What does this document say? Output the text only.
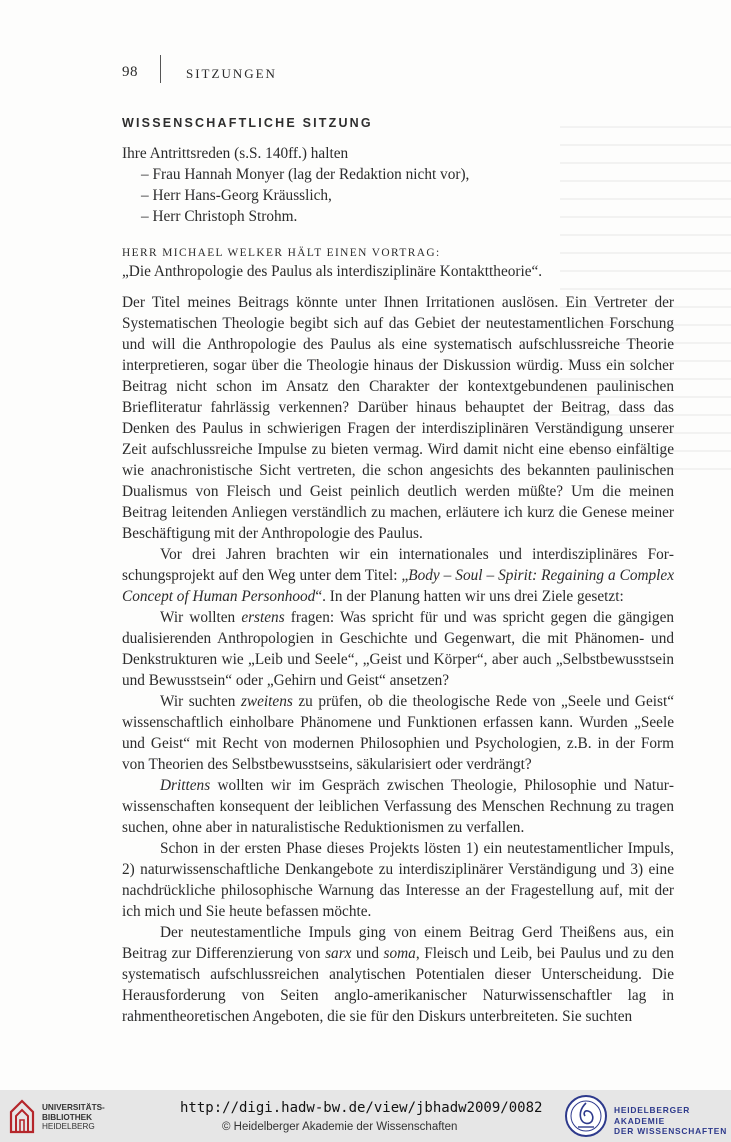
98	SITZUNGEN
WISSENSCHAFTLICHE SITZUNG
Ihre Antrittsreden (s.S. 140ff.) halten
– Frau Hannah Monyer (lag der Redaktion nicht vor),
– Herr Hans-Georg Kräusslich,
– Herr Christoph Strohm.
HERR MICHAEL WELKER HÄLT EINEN VORTRAG:
„Die Anthropologie des Paulus als interdisziplinäre Kontakttheorie“.

Der Titel meines Beitrags könnte unter Ihnen Irritationen auslösen. Ein Vertreter der Systematischen Theologie begibt sich auf das Gebiet der neutestamentlichen Forschung und will die Anthropologie des Paulus als eine systematisch aufschlussreiche Theorie interpretieren, sogar über die Theologie hinaus der Diskussion würdig. Muss ein solcher Beitrag nicht schon im Ansatz den Charakter der kontextgebundenen paulinischen Briefliteratur fahrlässig verkennen? Darüber hinaus behauptet der Beitrag, dass das Denken des Paulus in schwierigen Fragen der interdisziplinären Verständigung unserer Zeit aufschlussreiche Impulse zu bieten vermag. Wird damit nicht eine ebenso einfältige wie anachronistische Sicht vertreten, die schon angesichts des bekannten paulinischen Dualismus von Fleisch und Geist peinlich deutlich werden müßte? Um die meinen Beitrag leitenden Anliegen verständlich zu machen, erläutere ich kurz die Genese meiner Beschäftigung mit der Anthropologie des Paulus.

Vor drei Jahren brachten wir ein internationales und interdisziplinäres Forschungsprojekt auf den Weg unter dem Titel: „Body – Soul – Spirit: Regaining a Complex Concept of Human Personhood“. In der Planung hatten wir uns drei Ziele gesetzt:

Wir wollten erstens fragen: Was spricht für und was spricht gegen die gängigen dualisierenden Anthropologien in Geschichte und Gegenwart, die mit Phänomen- und Denkstrukturen wie „Leib und Seele“, „Geist und Körper“, aber auch „Selbstbewusstsein und Bewusstsein“ oder „Gehirn und Geist“ ansetzen?

Wir suchten zweitens zu prüfen, ob die theologische Rede von „Seele und Geist“ wissenschaftlich einholbare Phänomene und Funktionen erfassen kann. Wurden „Seele und Geist“ mit Recht von modernen Philosophien und Psychologien, z.B. in der Form von Theorien des Selbstbewusstseins, säkularisiert oder verdrängt?

Drittens wollten wir im Gespräch zwischen Theologie, Philosophie und Naturwissenschaften konsequent der leiblichen Verfassung des Menschen Rechnung zu tragen suchen, ohne aber in naturalistische Reduktionismen zu verfallen.

Schon in der ersten Phase dieses Projekts lösten 1) ein neutestamentlicher Impuls, 2) naturwissenschaftliche Denkangebote zu interdisziplinärer Verständigung und 3) eine nachdrückliche philosophische Warnung das Interesse an der Fragestellung auf, mit der ich mich und Sie heute befassen möchte.

Der neutestamentliche Impuls ging von einem Beitrag Gerd Theißens aus, ein Beitrag zur Differenzierung von sarx und soma, Fleisch und Leib, bei Paulus und zu den systematisch aufschlussreichen analytischen Potentialen dieser Unterscheidung. Die Herausforderung von Seiten anglo-amerikanischer Naturwissenschaftler lag in rahmentheoretischen Angeboten, die sie für den Diskurs unterbreiteten. Sie suchten

UNIVERSITÄTS-
BIBLIOTHEK
HEIDELBERG
http://digi.hadw-bw.de/view/jbhadw2009/0082
© Heidelberger Akademie der Wissenschaften
HEIDELBERGER AKADEMIE
DER WISSENSCHAFTEN
